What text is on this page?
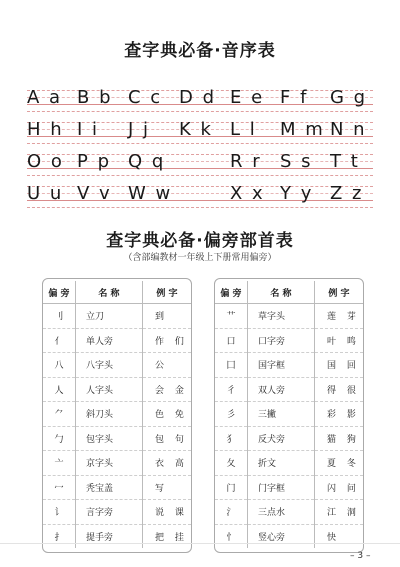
查字典必备·音序表
A a B b C c D d E e F f G g
H h I i J j K k L l M m N n
O o P p Q q	R r S s T t
U u V v W w	X x Y y Z z
查字典必备·偏旁部首表
（含部编教材一年级上下册常用偏旁）
偏 旁	名 称	例 字
刂	立刀	到
亻	单人旁	作 们
八	八字头	公
人	人字头	会 金
⺈	斜刀头	色 免
勹	包字头	包 句
亠	京字头	衣 高
冖	秃宝盖	写
讠	言字旁	说 课
扌	提手旁	把 挂
偏 旁	名 称	例 字
艹	草字头	莲 芽
口	口字旁	叶 鸣
囗	国字框	国 回
彳	双人旁	得 很
彡	三撇	彩 影
犭	反犬旁	猫 狗
夂	折文	夏 冬
门	门字框	闪 问
氵	三点水	江 洞
忄	竖心旁	快
– 3 –
